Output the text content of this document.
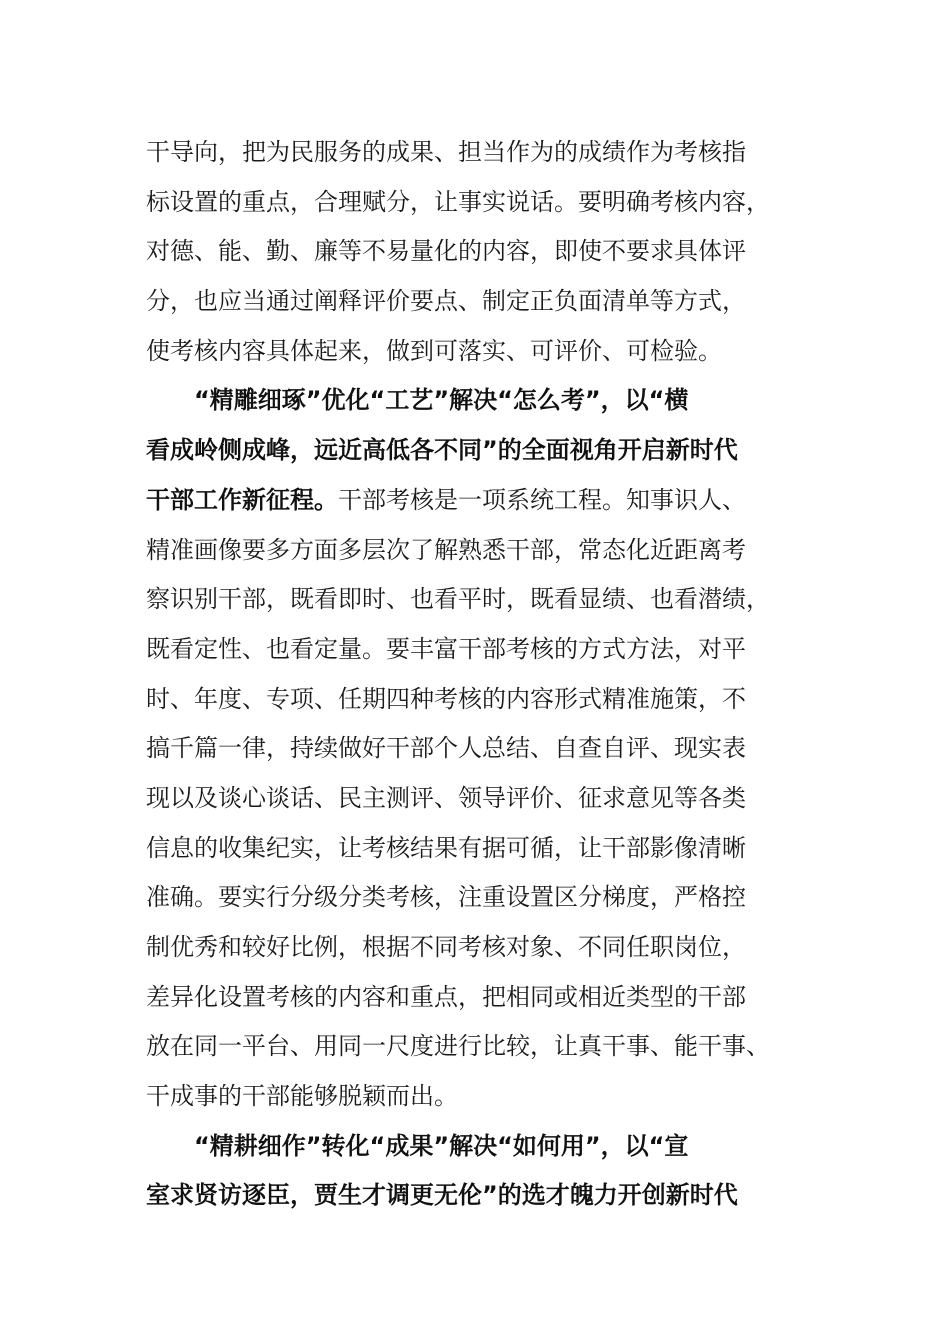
干导向，把为民服务的成果、担当作为的成绩作为考核指
标设置的重点，合理赋分，让事实说话。要明确考核内容，
对德、能、勤、廉等不易量化的内容，即使不要求具体评
分，也应当通过阐释评价要点、制定正负面清单等方式，
使考核内容具体起来，做到可落实、可评价、可检验。
“精雕细琢”优化“工艺”解决“怎么考”，以“横
看成岭侧成峰，远近高低各不同”的全面视角开启新时代
干部工作新征程。干部考核是一项系统工程。知事识人、
精准画像要多方面多层次了解熟悉干部，常态化近距离考
察识别干部，既看即时、也看平时，既看显绩、也看潜绩，
既看定性、也看定量。要丰富干部考核的方式方法，对平
时、年度、专项、任期四种考核的内容形式精准施策，不
搞千篇一律，持续做好干部个人总结、自查自评、现实表
现以及谈心谈话、民主测评、领导评价、征求意见等各类
信息的收集纪实，让考核结果有据可循，让干部影像清晰
准确。要实行分级分类考核，注重设置区分梯度，严格控
制优秀和较好比例，根据不同考核对象、不同任职岗位，
差异化设置考核的内容和重点，把相同或相近类型的干部
放在同一平台、用同一尺度进行比较，让真干事、能干事、
干成事的干部能够脱颖而出。
“精耕细作”转化“成果”解决“如何用”，以“宣
室求贤访逐臣，贾生才调更无伦”的选才魄力开创新时代
